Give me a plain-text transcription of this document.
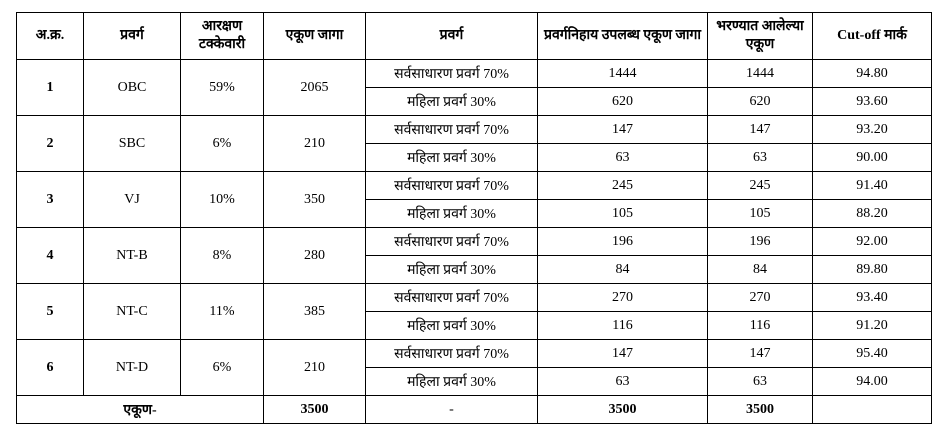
अ.क्र.	प्रवर्ग	आरक्षण टक्केवारी	एकूण जागा	प्रवर्ग	प्रवर्गनिहाय उपलब्ध एकूण जागा	भरण्यात आलेल्या एकूण	Cut-off मार्क
1	OBC	59%	2065	सर्वसाधारण प्रवर्ग 70%	1444	1444	94.80
				महिला प्रवर्ग 30%	620	620	93.60
2	SBC	6%	210	सर्वसाधारण प्रवर्ग 70%	147	147	93.20
				महिला प्रवर्ग 30%	63	63	90.00
3	VJ	10%	350	सर्वसाधारण प्रवर्ग 70%	245	245	91.40
				महिला प्रवर्ग 30%	105	105	88.20
4	NT-B	8%	280	सर्वसाधारण प्रवर्ग 70%	196	196	92.00
				महिला प्रवर्ग 30%	84	84	89.80
5	NT-C	11%	385	सर्वसाधारण प्रवर्ग 70%	270	270	93.40
				महिला प्रवर्ग 30%	116	116	91.20
6	NT-D	6%	210	सर्वसाधारण प्रवर्ग 70%	147	147	95.40
				महिला प्रवर्ग 30%	63	63	94.00
एकूण-			3500	-	3500	3500	
